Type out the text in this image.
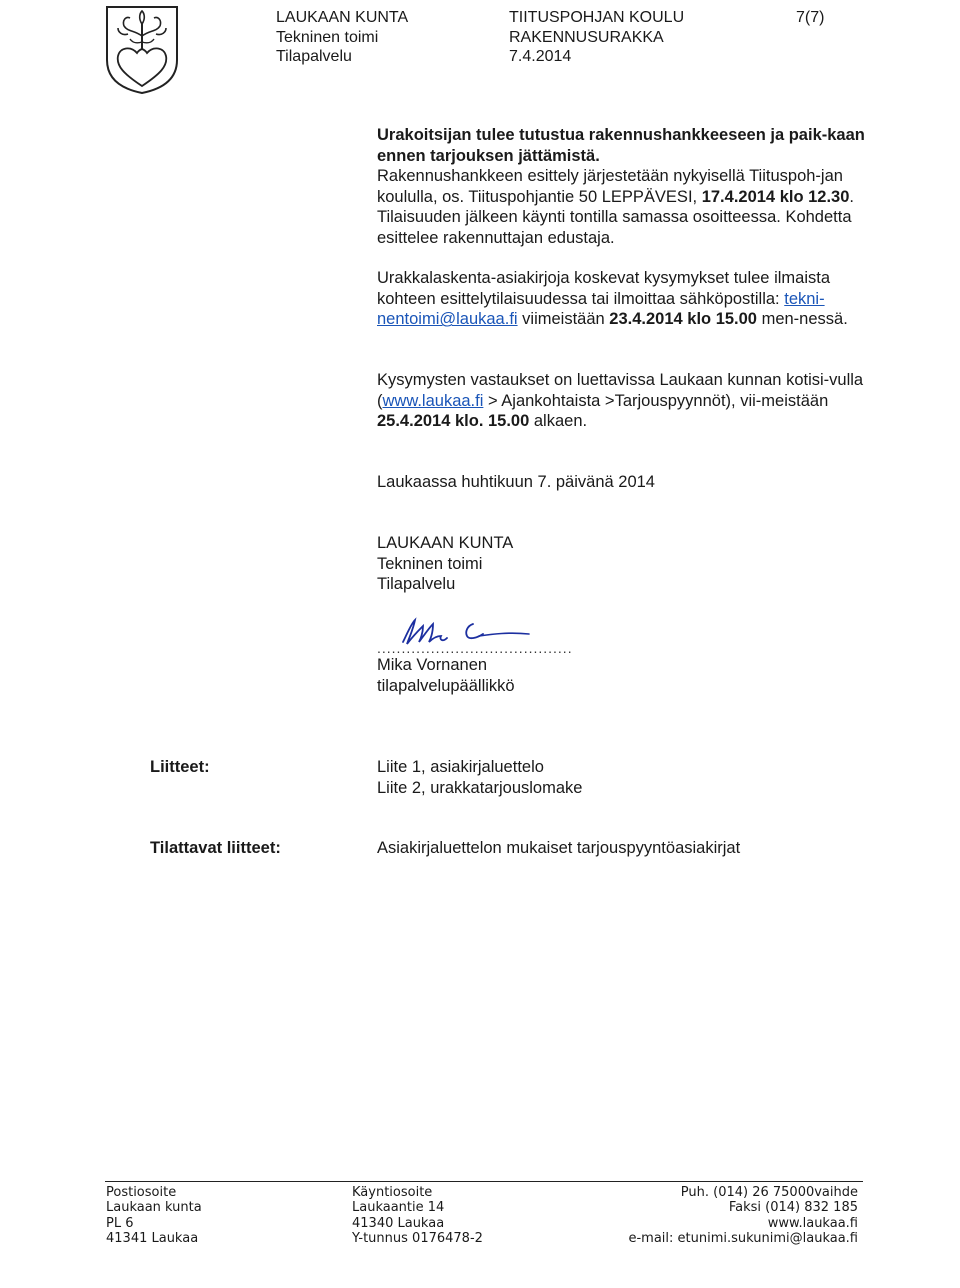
LAUKAAN KUNTA
Tekninen toimi
Tilapalvelu
TIITUSPOHJAN KOULU
RAKENNUSURAKKA
7.4.2014
7(7)

Urakoitsijan tulee tutustua rakennushankkeeseen ja paik-kaan ennen tarjouksen jättämistä.
Rakennushankkeen esittely järjestetään nykyisellä Tiituspoh-jan koululla, os. Tiituspohjantie 50 LEPPÄVESI, 17.4.2014 klo 12.30. Tilaisuuden jälkeen käynti tontilla samassa osoitteessa. Kohdetta esittelee rakennuttajan edustaja.

Urakkalaskenta-asiakirjoja koskevat kysymykset tulee ilmaista kohteen esittelytilaisuudessa tai ilmoittaa sähköpostilla: tekni-nentoimi@laukaa.fi viimeistään 23.4.2014 klo 15.00 men-nessä.

Kysymysten vastaukset on luettavissa Laukaan kunnan kotisi-vulla (www.laukaa.fi > Ajankohtaista >Tarjouspyynnöt), vii-meistään 25.4.2014 klo. 15.00 alkaen.

Laukaassa huhtikuun 7. päivänä 2014
LAUKAAN KUNTA
Tekninen toimi
Tilapalvelu
........................................
Mika Vornanen
tilapalvelupäällikkö
Liitteet:	Liite 1, asiakirjaluettelo
Liite 2, urakkatarjouslomake
Tilattavat liitteet:	Asiakirjaluettelon mukaiset tarjouspyyntöasiakirjat
Postiosoite
Laukaan kunta
PL 6
41341 Laukaa
Käyntiosoite
Laukaantie 14
41340 Laukaa
Y-tunnus 0176478-2
Puh. (014) 26 75000vaihde
Faksi (014) 832 185
www.laukaa.fi
e-mail: etunimi.sukunimi@laukaa.fi
